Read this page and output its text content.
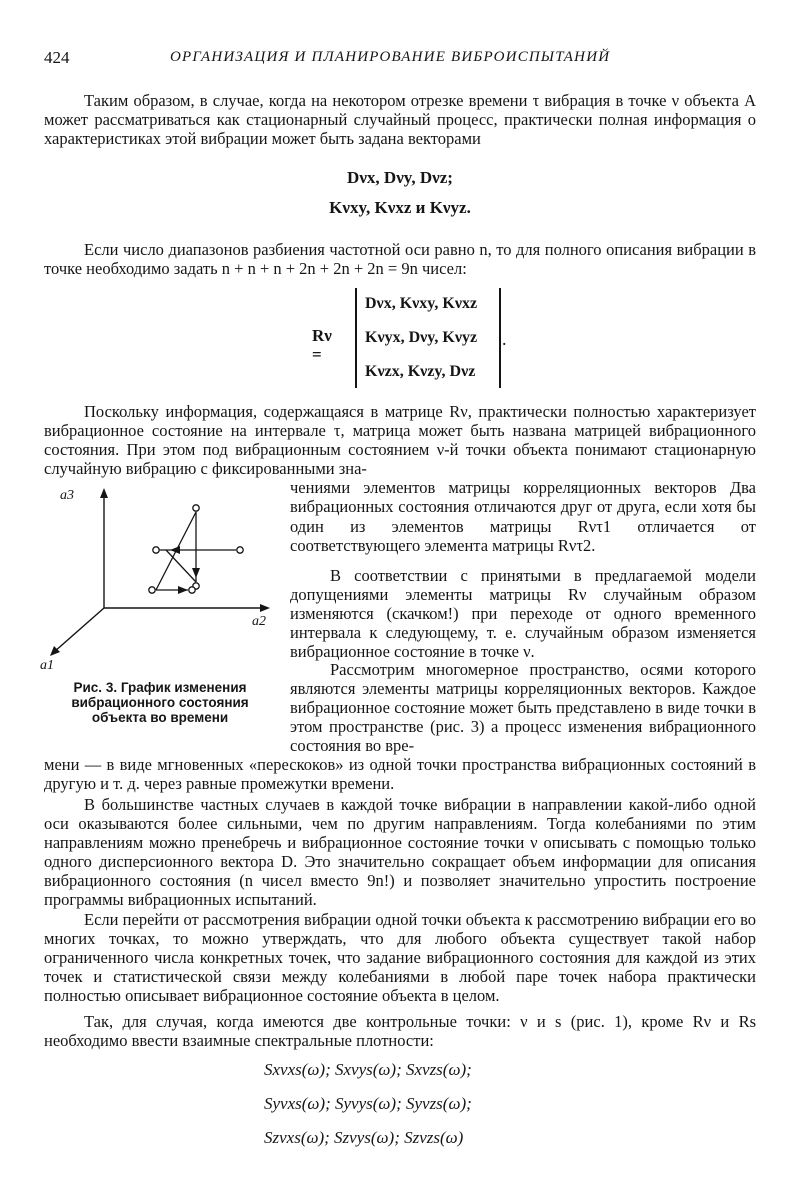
424	ОРГАНИЗАЦИЯ И ПЛАНИРОВАНИЕ ВИБРОИСПЫТАНИЙ
Таким образом, в случае, когда на некотором отрезке времени τ вибрация в точке ν объекта A может рассматриваться как стационарный случайный процесс, практически полная информация о характеристиках этой вибрации может быть задана векторами
Dνx, Dνy, Dνz;
Kνxy, Kνxz и Kνyz.
Если число диапазонов разбиения частотной оси равно n, то для полного описания вибрации в точке необходимо задать n + n + n + 2n + 2n + 2n = 9n чисел:
Rν =
Dνx, Kνxy, Kνxz
Kνyx, Dνy, Kνyz
Kνzx, Kνzy, Dνz
.
Поскольку информация, содержащаяся в матрице Rν, практически полностью характеризует вибрационное состояние на интервале τ, матрица может быть названа матрицей вибрационного состояния. При этом под вибрационным состоянием ν-й точки объекта понимают стационарную случайную вибрацию с фиксированными зна-
a3
a2
a1
Рис. 3. График изменения вибрационного состояния объекта во времени
чениями элементов матрицы корреляционных векторов Два вибрационных состояния отличаются друг от друга, если хотя бы один из элементов матрицы Rντ1 отличается от соответствующего элемента матрицы Rντ2.
В соответствии с принятыми в предлагаемой модели допущениями элементы матрицы Rν случайным образом изменяются (скачком!) при переходе от одного временного интервала к следующему, т. е. случайным образом изменяется вибрационное состояние в точке ν.
Рассмотрим многомерное пространство, осями которого являются элементы матрицы корреляционных векторов. Каждое вибрационное состояние может быть представлено в виде точки в этом пространстве (рис. 3) а процесс изменения вибрационного состояния во вре-
мени — в виде мгновенных «перескоков» из одной точки пространства вибрационных состояний в другую и т. д. через равные промежутки времени.
В большинстве частных случаев в каждой точке вибрации в направлении какой-либо одной оси оказываются более сильными, чем по другим направлениям. Тогда колебаниями по этим направлениям можно пренебречь и вибрационное состояние точки ν описывать с помощью только одного дисперсионного вектора D. Это значительно сокращает объем информации для описания вибрационного состояния (n чисел вместо 9n!) и позволяет значительно упростить построение программы вибрационных испытаний.
Если перейти от рассмотрения вибрации одной точки объекта к рассмотрению вибрации его во многих точках, то можно утверждать, что для любого объекта существует такой набор ограниченного числа конкретных точек, что задание вибрационного состояния для каждой из этих точек и статистической связи между колебаниями в любой паре точек набора практически полностью описывает вибрационное состояние объекта в целом.
Так, для случая, когда имеются две контрольные точки: ν и s (рис. 1), кроме Rν и Rs необходимо ввести взаимные спектральные плотности:
Sxνxs(ω); Sxνys(ω); Sxνzs(ω);
Syνxs(ω); Syνys(ω); Syνzs(ω);
Szνxs(ω); Szνys(ω); Szνzs(ω)
